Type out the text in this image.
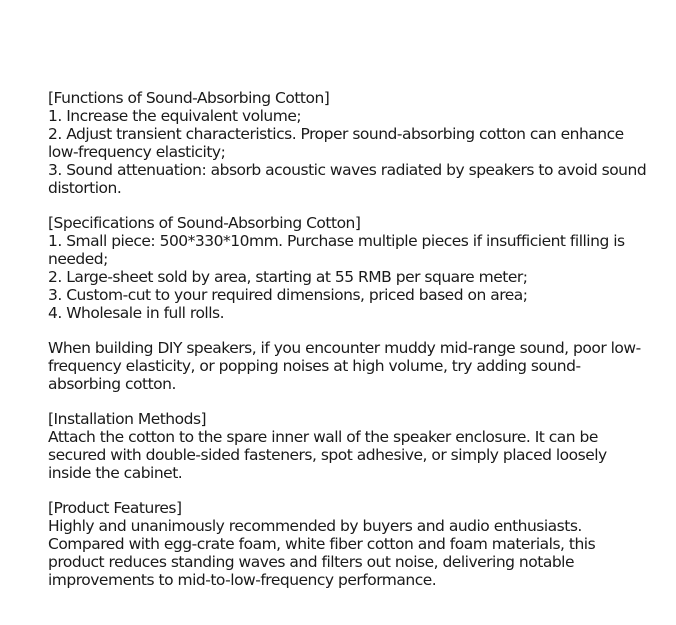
[Functions of Sound-Absorbing Cotton]
1. Increase the equivalent volume;
2. Adjust transient characteristics. Proper sound-absorbing cotton can enhance low-frequency elasticity;
3. Sound attenuation: absorb acoustic waves radiated by speakers to avoid sound distortion.
[Specifications of Sound-Absorbing Cotton]
1. Small piece: 500*330*10mm. Purchase multiple pieces if insufficient filling is needed;
2. Large-sheet sold by area, starting at 55 RMB per square meter;
3. Custom-cut to your required dimensions, priced based on area;
4. Wholesale in full rolls.

When building DIY speakers, if you encounter muddy mid-range sound, poor low-frequency elasticity, or popping noises at high volume, try adding sound-absorbing cotton.

[Installation Methods]

Attach the cotton to the spare inner wall of the speaker enclosure. It can be secured with double-sided fasteners, spot adhesive, or simply placed loosely inside the cabinet.

[Product Features]

Highly and unanimously recommended by buyers and audio enthusiasts. Compared with egg-crate foam, white fiber cotton and foam materials, this product reduces standing waves and filters out noise, delivering notable improvements to mid-to-low-frequency performance.
